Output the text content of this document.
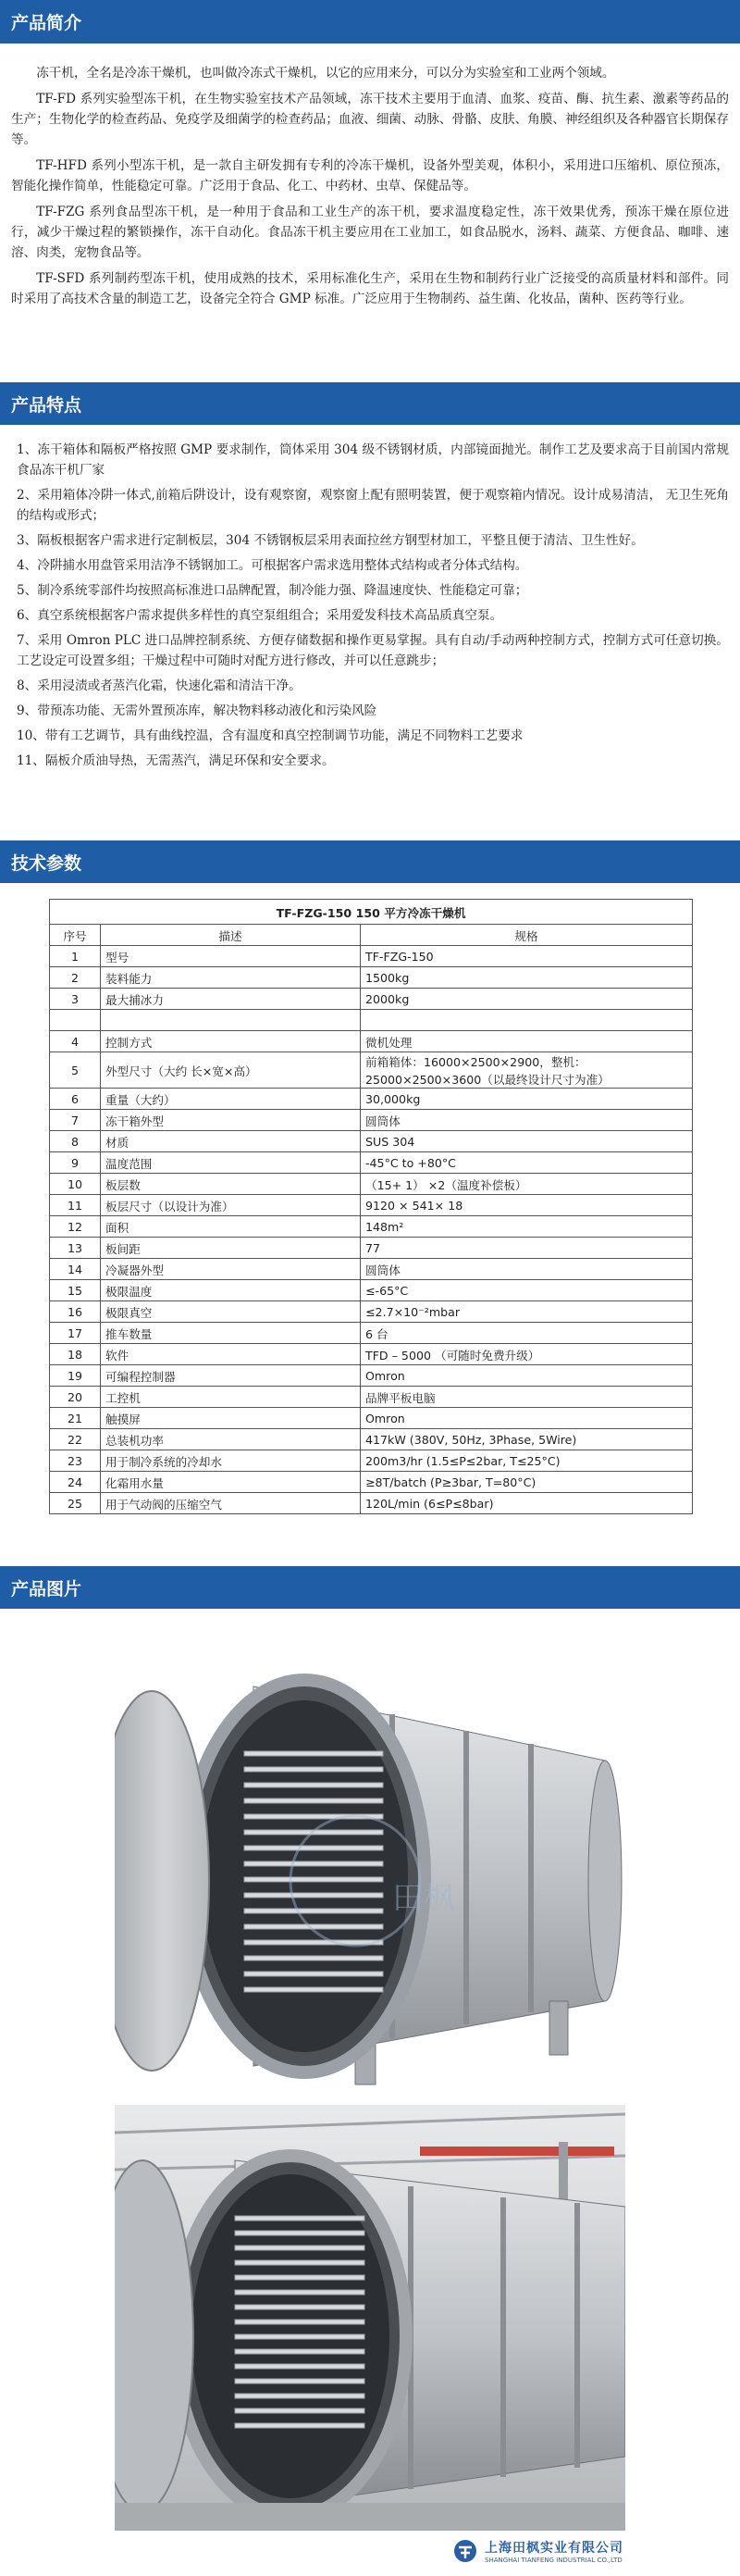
产品简介

冻干机，全名是冷冻干燥机，也叫做冷冻式干燥机，以它的应用来分，可以分为实验室和工业两个领域。

TF-FD 系列实验型冻干机，在生物实验室技术产品领域，冻干技术主要用于血清、血浆、疫苗、酶、抗生素、激素等药品的生产；生物化学的检查药品、免疫学及细菌学的检查药品；血液、细菌、动脉、骨骼、皮肤、角膜、神经组织及各种器官长期保存等。

TF-HFD 系列小型冻干机，是一款自主研发拥有专利的冷冻干燥机，设备外型美观，体积小，采用进口压缩机、原位预冻，智能化操作简单，性能稳定可靠。广泛用于食品、化工、中药材、虫草、保健品等。

TF-FZG 系列食品型冻干机，是一种用于食品和工业生产的冻干机，要求温度稳定性，冻干效果优秀，预冻干燥在原位进行，减少干燥过程的繁锁操作，冻干自动化。食品冻干机主要应用在工业加工，如食品脱水，汤料、蔬菜、方便食品、咖啡、速溶、肉类，宠物食品等。

TF-SFD 系列制药型冻干机，使用成熟的技术，采用标准化生产，采用在生物和制药行业广泛接受的高质量材料和部件。同时采用了高技术含量的制造工艺，设备完全符合 GMP 标准。广泛应用于生物制药、益生菌、化妆品，菌种、医药等行业。

产品特点

1、冻干箱体和隔板严格按照 GMP 要求制作，筒体采用 304 级不锈钢材质，内部镜面抛光。制作工艺及要求高于目前国内常规食品冻干机厂家

2、采用箱体冷阱一体式,前箱后阱设计，设有观察窗，观察窗上配有照明装置，便于观察箱内情况。设计成易清洁， 无卫生死角的结构或形式；

3、隔板根据客户需求进行定制板层，304 不锈钢板层采用表面拉丝方钢型材加工，平整且便于清洁、卫生性好。

4、冷阱捕水用盘管采用洁净不锈钢加工。可根据客户需求选用整体式结构或者分体式结构。

5、制冷系统零部件均按照高标准进口品牌配置，制冷能力强、降温速度快、性能稳定可靠；

6、真空系统根据客户需求提供多样性的真空泵组组合；采用爱发科技术高品质真空泵。

7、采用 Omron PLC 进口品牌控制系统、方便存储数据和操作更易掌握。具有自动/手动两种控制方式，控制方式可任意切换。工艺设定可设置多组；干燥过程中可随时对配方进行修改，并可以任意跳步；

8、采用浸渍或者蒸汽化霜，快速化霜和清洁干净。

9、带预冻功能、无需外置预冻库，解决物料移动液化和污染风险

10、带有工艺调节，具有曲线控温，含有温度和真空控制调节功能，满足不同物料工艺要求

11、隔板介质油导热，无需蒸汽，满足环保和安全要求。

技术参数
TF-FZG-150 150 平方冷冻干燥机		
序号	描述	规格
1	型号	TF-FZG-150
2	装料能力	1500kg
3	最大捕冰力	2000kg

4	控制方式	微机处理
5	外型尺寸（大约 长×宽×高）	前箱箱体：16000×2500×2900，整机：25000×2500×3600（以最终设计尺寸为准）
6	重量（大约）	30,000kg
7	冻干箱外型	圆筒体
8	材质	SUS 304
9	温度范围	-45°C to +80°C
10	板层数	（15+ 1） ×2（温度补偿板）
11	板层尺寸（以设计为准）	9120 × 541× 18
12	面积	148m²
13	板间距	77
14	冷凝器外型	圆筒体
15	极限温度	≤-65°C
16	极限真空	≤2.7×10⁻²mbar
17	推车数量	6 台
18	软件	TFD – 5000 （可随时免费升级）
19	可编程控制器	Omron
20	工控机	品牌平板电脑
21	触摸屏	Omron
22	总装机功率	417kW (380V, 50Hz, 3Phase, 5Wire)
23	用于制冷系统的冷却水	200m3/hr (1.5≤P≤2bar, T≤25°C)
24	化霜用水量	≥8T/batch (P≥3bar, T=80°C)
25	用于气动阀的压缩空气	120L/min (6≤P≤8bar)
产品图片
田枫
上海田枫实业有限公司
SHANGHAI TIANFENG INDUSTRIAL CO.,LTD
